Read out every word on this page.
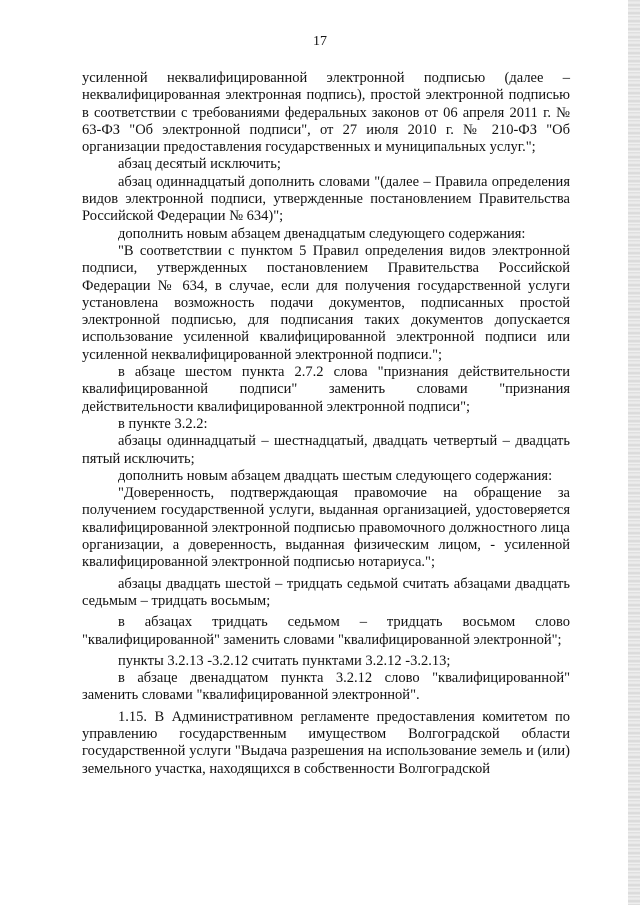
17

усиленной неквалифицированной электронной подписью (далее – неквалифицированная электронная подпись), простой электронной подписью в соответствии с требованиями федеральных законов от 06 апреля 2011 г. № 63-ФЗ "Об электронной подписи", от 27 июля 2010 г. № 210-ФЗ "Об организации предоставления государственных и муниципальных услуг.";

абзац десятый исключить;

абзац одиннадцатый дополнить словами "(далее – Правила определения видов электронной подписи, утвержденные постановлением Правительства Российской Федерации № 634)";

дополнить новым абзацем двенадцатым следующего содержания:

"В соответствии с пунктом 5 Правил определения видов электронной подписи, утвержденных постановлением Правительства Российской Федерации № 634, в случае, если для получения государственной услуги установлена возможность подачи документов, подписанных простой электронной подписью, для подписания таких документов допускается использование усиленной квалифицированной электронной подписи или усиленной неквалифицированной электронной подписи.";

в абзаце шестом пункта 2.7.2 слова "признания действительности квалифицированной подписи" заменить словами "признания действительности квалифицированной электронной подписи";

в пункте 3.2.2:

абзацы одиннадцатый – шестнадцатый, двадцать четвертый – двадцать пятый исключить;

дополнить новым абзацем двадцать шестым следующего содержания:

"Доверенность, подтверждающая правомочие на обращение за получением государственной услуги, выданная организацией, удостоверяется квалифицированной электронной подписью правомочного должностного лица организации, а доверенность, выданная физическим лицом, - усиленной квалифицированной электронной подписью нотариуса.";

абзацы двадцать шестой – тридцать седьмой считать абзацами двадцать седьмым – тридцать восьмым;

в абзацах тридцать седьмом – тридцать восьмом слово "квалифицированной" заменить словами "квалифицированной электронной";

пункты 3.2.13 -3.2.12 считать пунктами 3.2.12 -3.2.13;

в абзаце двенадцатом пункта 3.2.12 слово "квалифицированной" заменить словами "квалифицированной электронной".

1.15. В Административном регламенте предоставления комитетом по управлению государственным имуществом Волгоградской области государственной услуги "Выдача разрешения на использование земель и (или) земельного участка, находящихся в собственности Волгоградской
